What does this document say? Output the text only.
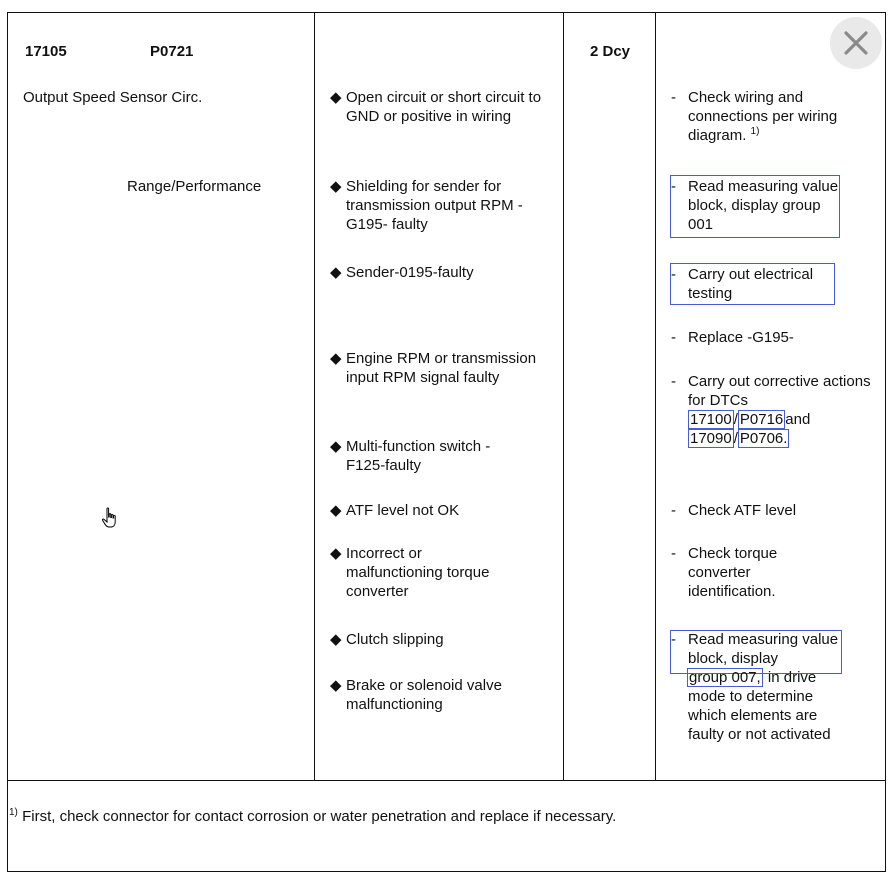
17105	P0721
Output Speed Sensor Circ.
Range/Performance
2 Dcy
◆ Open circuit or short circuit to GND or positive in wiring
◆ Shielding for sender for transmission output RPM -G195- faulty
◆ Sender-0195-faulty
◆ Engine RPM or transmission input RPM signal faulty
◆ Multi-function switch - F125-faulty
◆ ATF level not OK
◆ Incorrect or malfunctioning torque converter
◆ Clutch slipping
◆ Brake or solenoid valve malfunctioning
- Check wiring and connections per wiring diagram. $^{1)}$
- Read measuring value block, display group 001
- Carry out electrical testing
- Replace -G195-
- Carry out corrective actions for DTCs
17100 / P0716 and
17090 / P0706.
- Check ATF level
- Check torque converter identification.
- Read measuring value block, display
group 007, in drive mode to determine which elements are faulty or not activated
$^{1)}$ First, check connector for contact corrosion or water penetration and replace if necessary.
